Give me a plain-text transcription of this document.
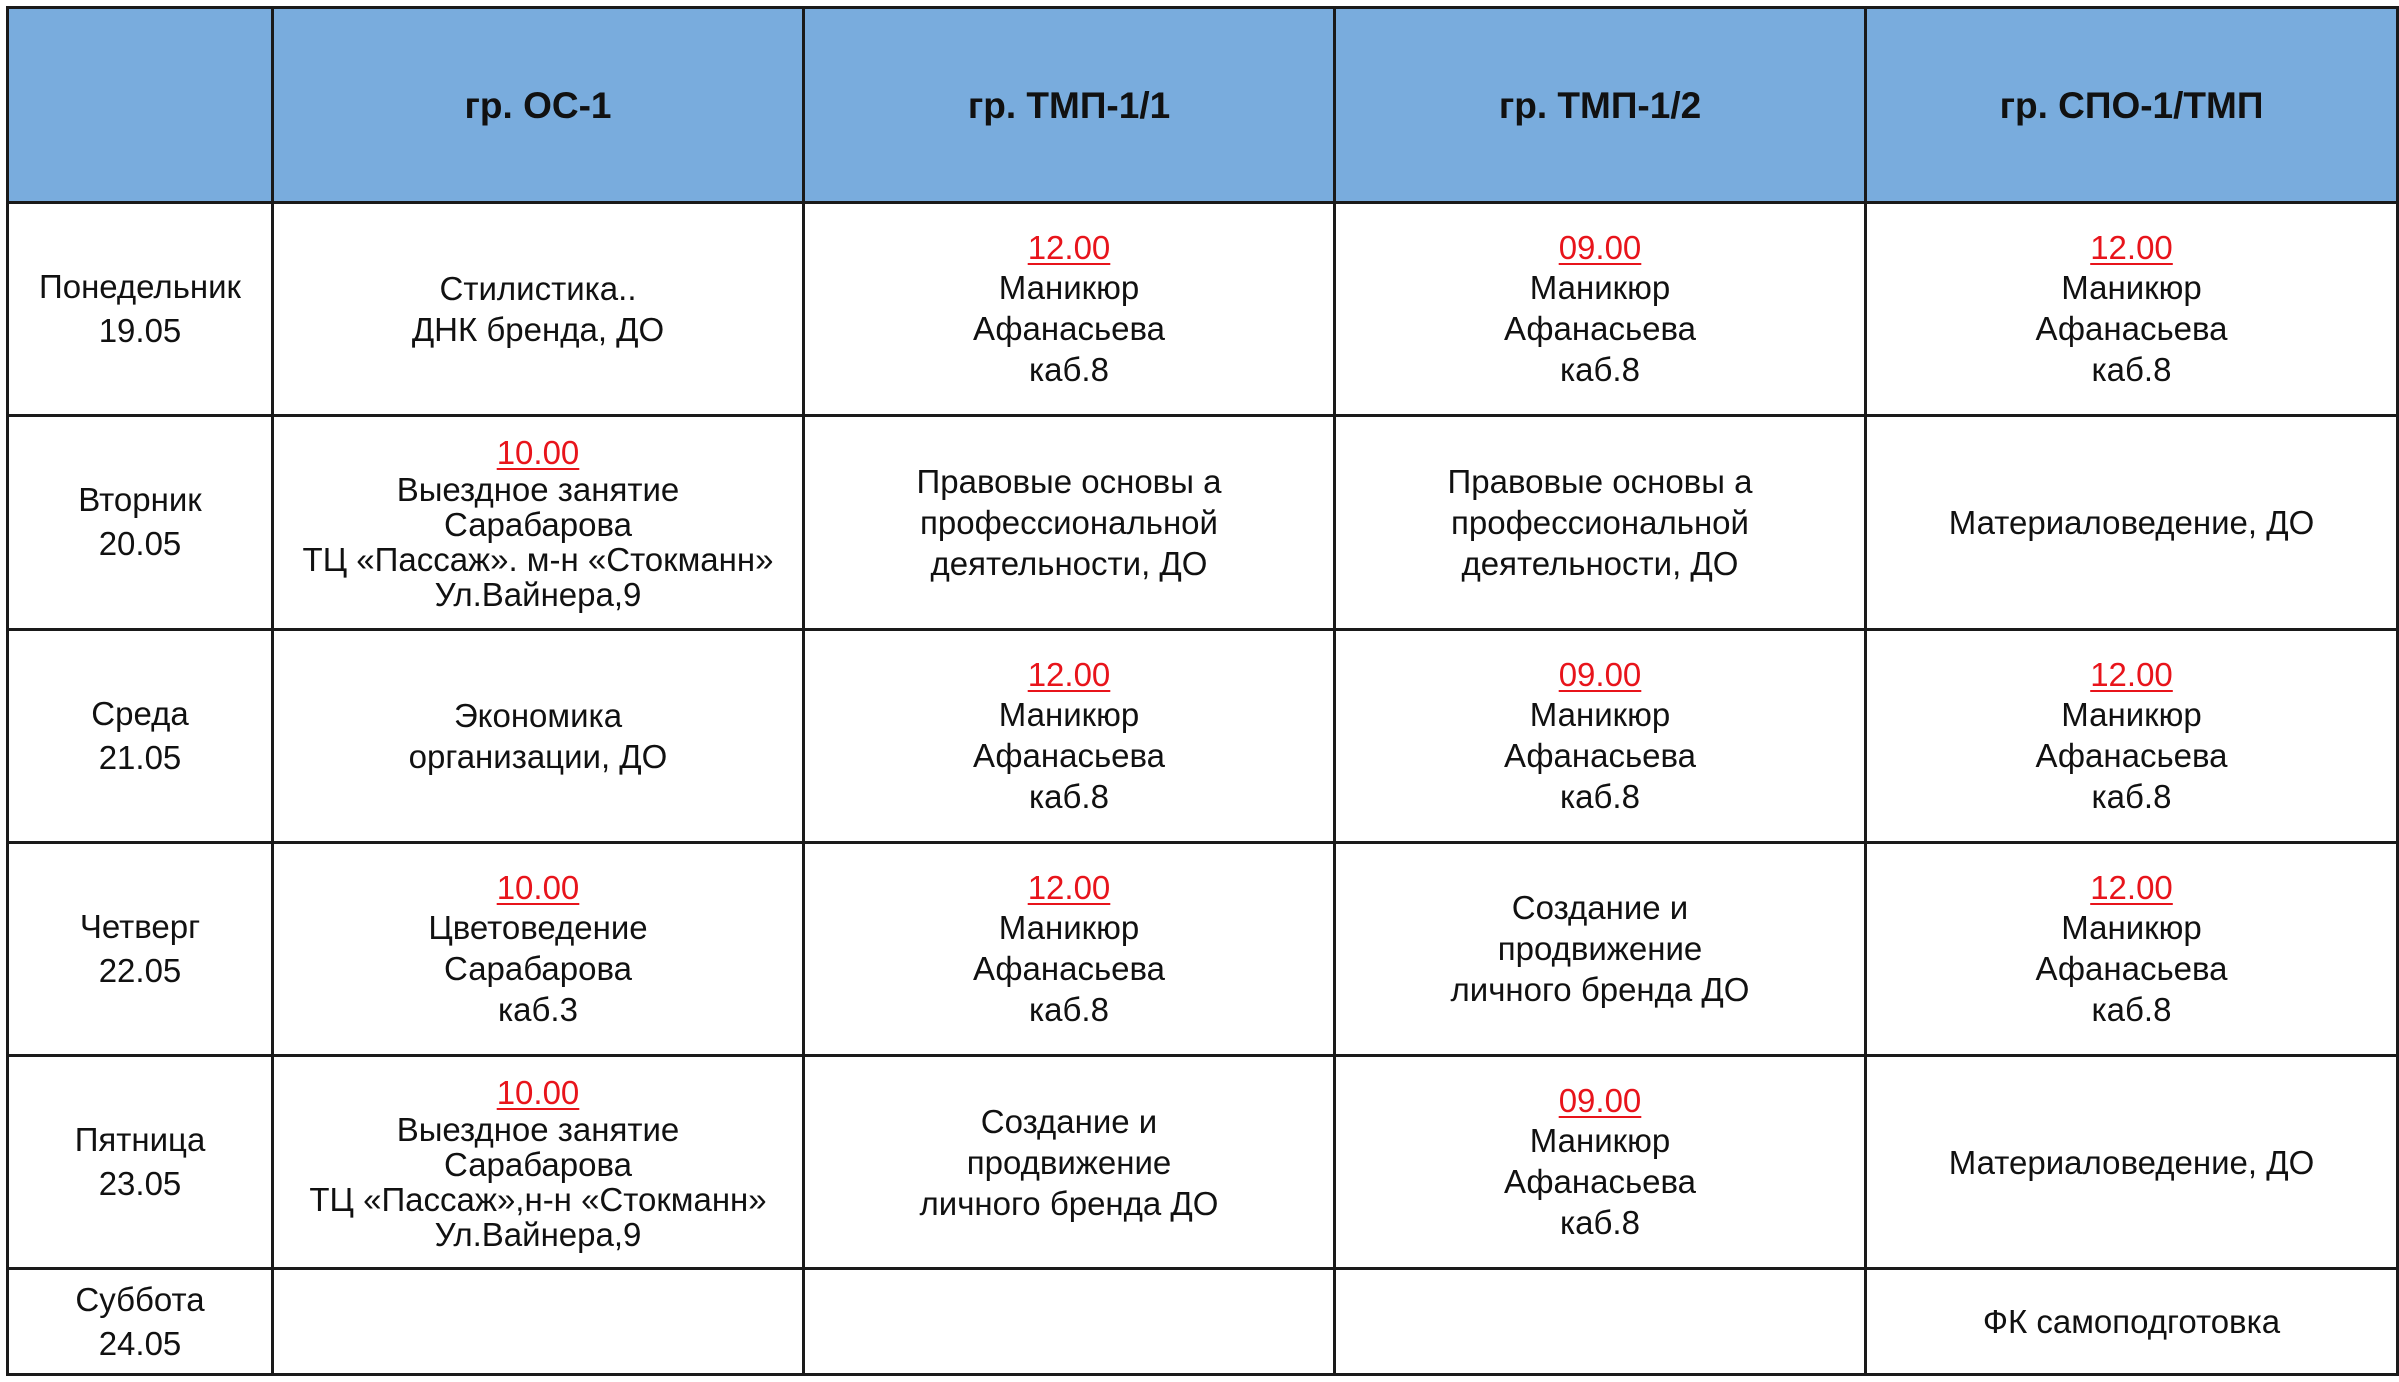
	гр. ОС-1	гр. ТМП-1/1	гр. ТМП-1/2	гр. СПО-1/ТМП

Понедельник
19.05	Стилистика..
ДНК бренда, ДО	12.00
Маникюр
Афанасьева
каб.8	09.00
Маникюр
Афанасьева
каб.8	12.00
Маникюр
Афанасьева
каб.8

Вторник
20.05	10.00
Выездное занятие
Сарабарова
ТЦ «Пассаж». м-н «Стокманн»
Ул.Вайнера,9	Правовые основы а
профессиональной
деятельности, ДО	Правовые основы а
профессиональной
деятельности, ДО	Материаловедение, ДО

Среда
21.05	Экономика
организации, ДО	12.00
Маникюр
Афанасьева
каб.8	09.00
Маникюр
Афанасьева
каб.8	12.00
Маникюр
Афанасьева
каб.8

Четверг
22.05	10.00
Цветоведение
Сарабарова
каб.3	12.00
Маникюр
Афанасьева
каб.8	Создание и
продвижение
личного бренда ДО	12.00
Маникюр
Афанасьева
каб.8

Пятница
23.05	10.00
Выездное занятие
Сарабарова
ТЦ «Пассаж»,н-н «Стокманн»
Ул.Вайнера,9	Создание и
продвижение
личного бренда ДО	09.00
Маникюр
Афанасьева
каб.8	Материаловедение, ДО

Суббота
24.05				ФК самоподготовка
